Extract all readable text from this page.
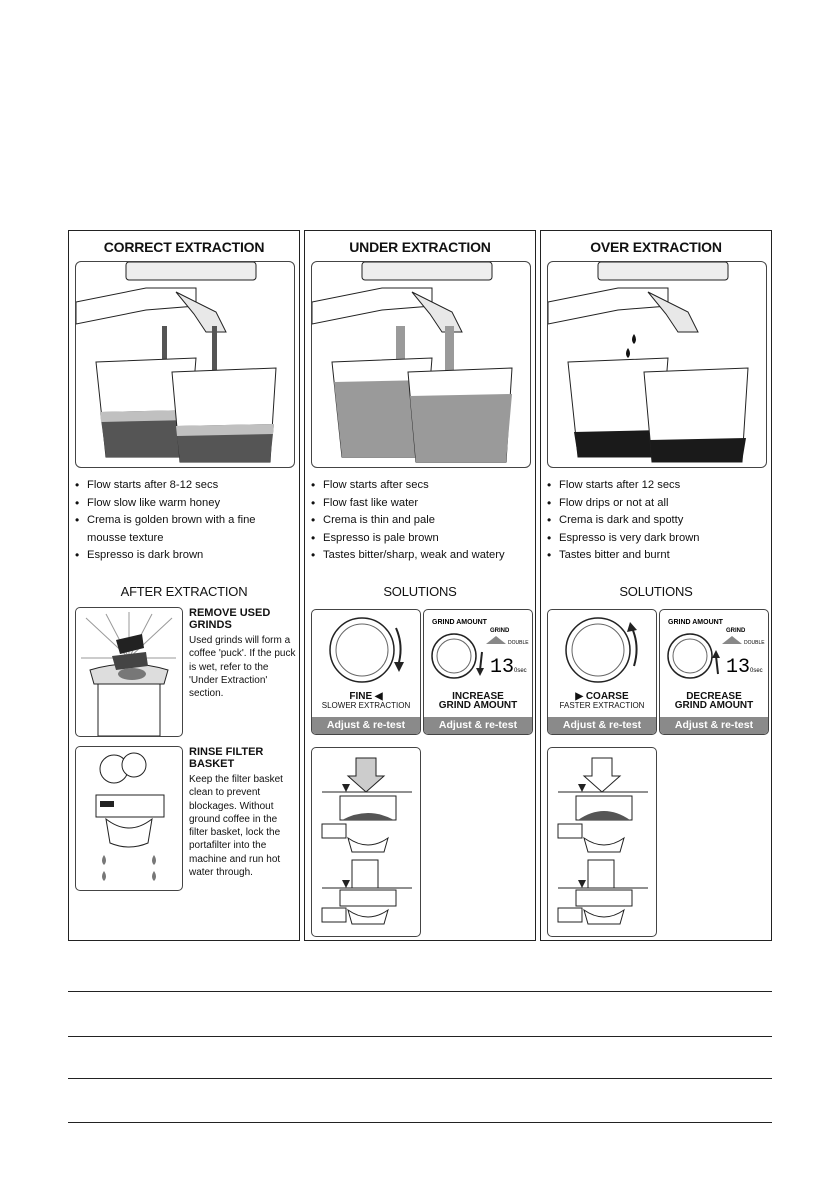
CORRECT EXTRACTION
• Flow starts after 8-12 secs
• Flow slow like warm honey
• Crema is golden brown with a fine mousse texture
• Espresso is dark brown
AFTER EXTRACTION
REMOVE USED GRINDS
Used grinds will form a coffee 'puck'. If the puck is wet, refer to the 'Under Extraction' section.
RINSE FILTER BASKET
Keep the filter basket clean to prevent blockages. Without ground coffee in the filter basket, lock the portafilter into the machine and run hot water through.
UNDER EXTRACTION
• Flow starts after secs
• Flow fast like water
• Crema is thin and pale
• Espresso is pale brown
• Tastes bitter/sharp, weak and watery
SOLUTIONS
FINE ◀
SLOWER EXTRACTION
Adjust & re-test
GRIND AMOUNT
GRIND
DOUBLE
13 0sec
INCREASE
GRIND AMOUNT
Adjust & re-test
OVER EXTRACTION
• Flow starts after 12 secs
• Flow drips or not at all
• Crema is dark and spotty
• Espresso is very dark brown
• Tastes bitter and burnt
SOLUTIONS
▶ COARSE
FASTER EXTRACTION
Adjust & re-test
GRIND AMOUNT
GRIND
DOUBLE
13 0sec
DECREASE
GRIND AMOUNT
Adjust & re-test
